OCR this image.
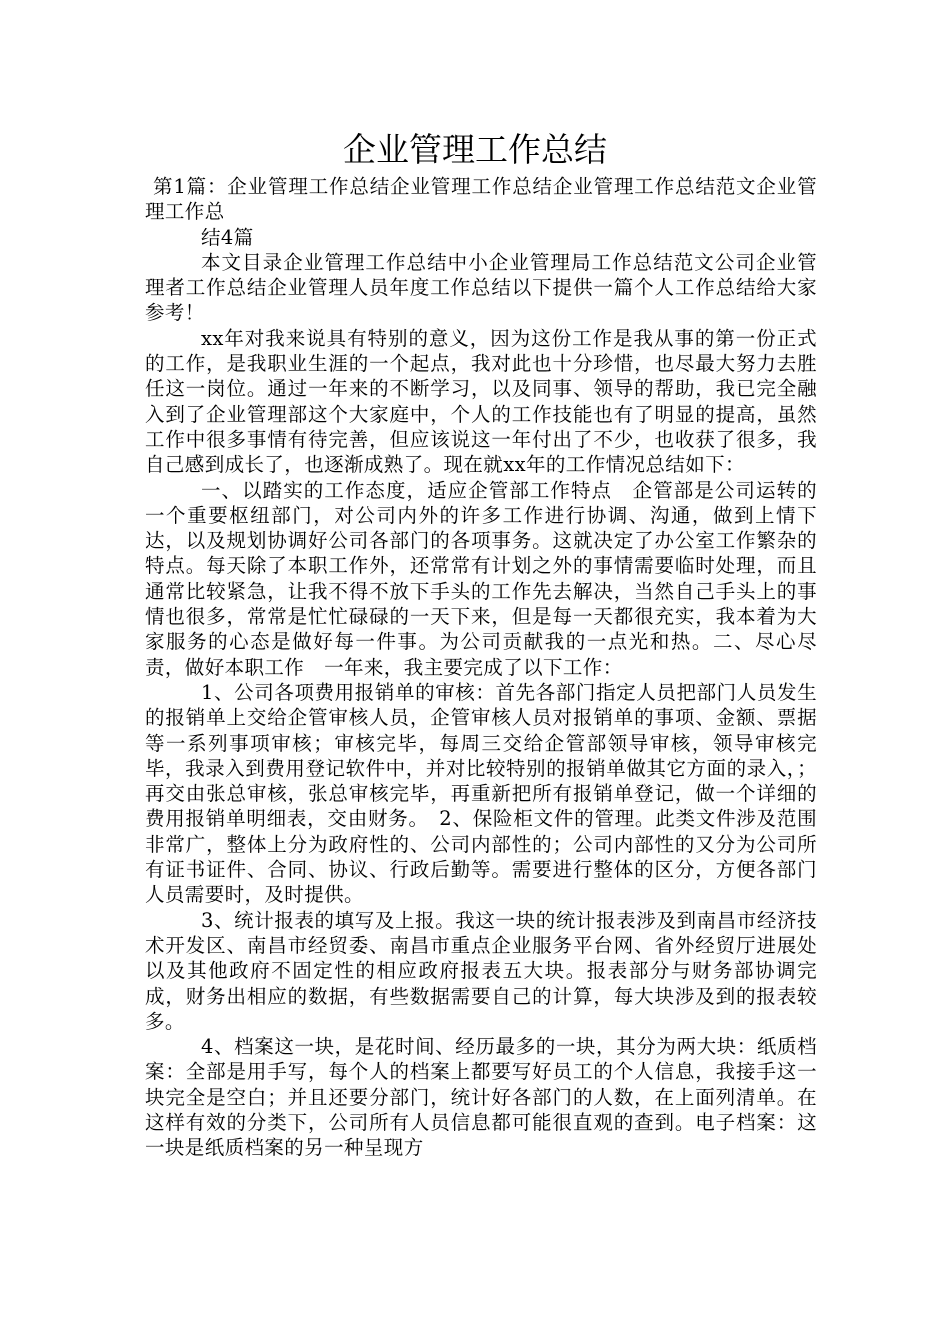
企业管理工作总结

第1篇：企业管理工作总结企业管理工作总结企业管理工作总结范文企业管理工作总

结4篇

本文目录企业管理工作总结中小企业管理局工作总结范文公司企业管理者工作总结企业管理人员年度工作总结以下提供一篇个人工作总结给大家参考！

xx年对我来说具有特别的意义，因为这份工作是我从事的第一份正式的工作，是我职业生涯的一个起点，我对此也十分珍惜，也尽最大努力去胜任这一岗位。通过一年来的不断学习，以及同事、领导的帮助，我已完全融入到了企业管理部这个大家庭中，个人的工作技能也有了明显的提高，虽然工作中很多事情有待完善，但应该说这一年付出了不少，也收获了很多，我自己感到成长了，也逐渐成熟了。现在就xx年的工作情况总结如下：

一、以踏实的工作态度，适应企管部工作特点　企管部是公司运转的一个重要枢纽部门，对公司内外的许多工作进行协调、沟通，做到上情下达，以及规划协调好公司各部门的各项事务。这就决定了办公室工作繁杂的特点。每天除了本职工作外，还常常有计划之外的事情需要临时处理，而且通常比较紧急，让我不得不放下手头的工作先去解决，当然自己手头上的事情也很多，常常是忙忙碌碌的一天下来，但是每一天都很充实，我本着为大家服务的心态是做好每一件事。为公司贡献我的一点光和热。二、尽心尽责，做好本职工作　一年来，我主要完成了以下工作：

1、公司各项费用报销单的审核：首先各部门指定人员把部门人员发生的报销单上交给企管审核人员，企管审核人员对报销单的事项、金额、票据等一系列事项审核；审核完毕，每周三交给企管部领导审核，领导审核完毕，我录入到费用登记软件中，并对比较特别的报销单做其它方面的录入，；再交由张总审核，张总审核完毕，再重新把所有报销单登记，做一个详细的费用报销单明细表，交由财务。　2、保险柜文件的管理。此类文件涉及范围非常广，整体上分为政府性的、公司内部性的；公司内部性的又分为公司所有证书证件、合同、协议、行政后勤等。需要进行整体的区分，方便各部门人员需要时，及时提供。

3、统计报表的填写及上报。我这一块的统计报表涉及到南昌市经济技术开发区、南昌市经贸委、南昌市重点企业服务平台网、省外经贸厅进展处以及其他政府不固定性的相应政府报表五大块。报表部分与财务部协调完成，财务出相应的数据，有些数据需要自己的计算，每大块涉及到的报表较多。

4、档案这一块，是花时间、经历最多的一块，其分为两大块：纸质档案：全部是用手写，每个人的档案上都要写好员工的个人信息，我接手这一块完全是空白；并且还要分部门，统计好各部门的人数，在上面列清单。在这样有效的分类下，公司所有人员信息都可能很直观的查到。电子档案：这一块是纸质档案的另一种呈现方
